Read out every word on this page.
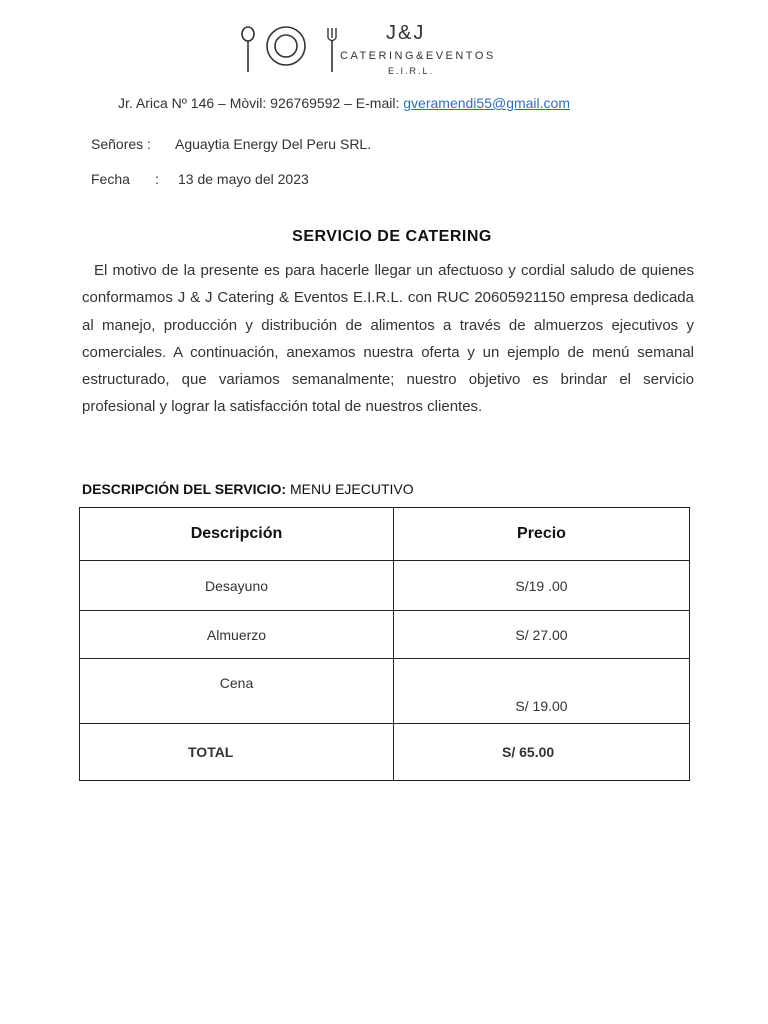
J&J
CATERING&EVENTOS
E.I.R.L.
Jr. Arica Nº 146 – Mòvil: 926769592 – E-mail: gveramendi55@gmail.com
Señores : Aguaytia Energy Del Peru SRL.
Fecha : 13 de mayo del 2023
SERVICIO DE CATERING
El motivo de la presente es para hacerle llegar un afectuoso y cordial saludo de quienes conformamos J & J Catering & Eventos E.I.R.L. con RUC 20605921150 empresa dedicada al manejo, producción y distribución de alimentos a través de almuerzos ejecutivos y comerciales. A continuación, anexamos nuestra oferta y un ejemplo de menú semanal estructurado, que variamos semanalmente; nuestro objetivo es brindar el servicio profesional y lograr la satisfacción total de nuestros clientes.
DESCRIPCIÓN DEL SERVICIO: MENU EJECUTIVO
Descripción	Precio
Desayuno	S/19 .00
Almuerzo	S/ 27.00
Cena	S/ 19.00
TOTAL	S/ 65.00
